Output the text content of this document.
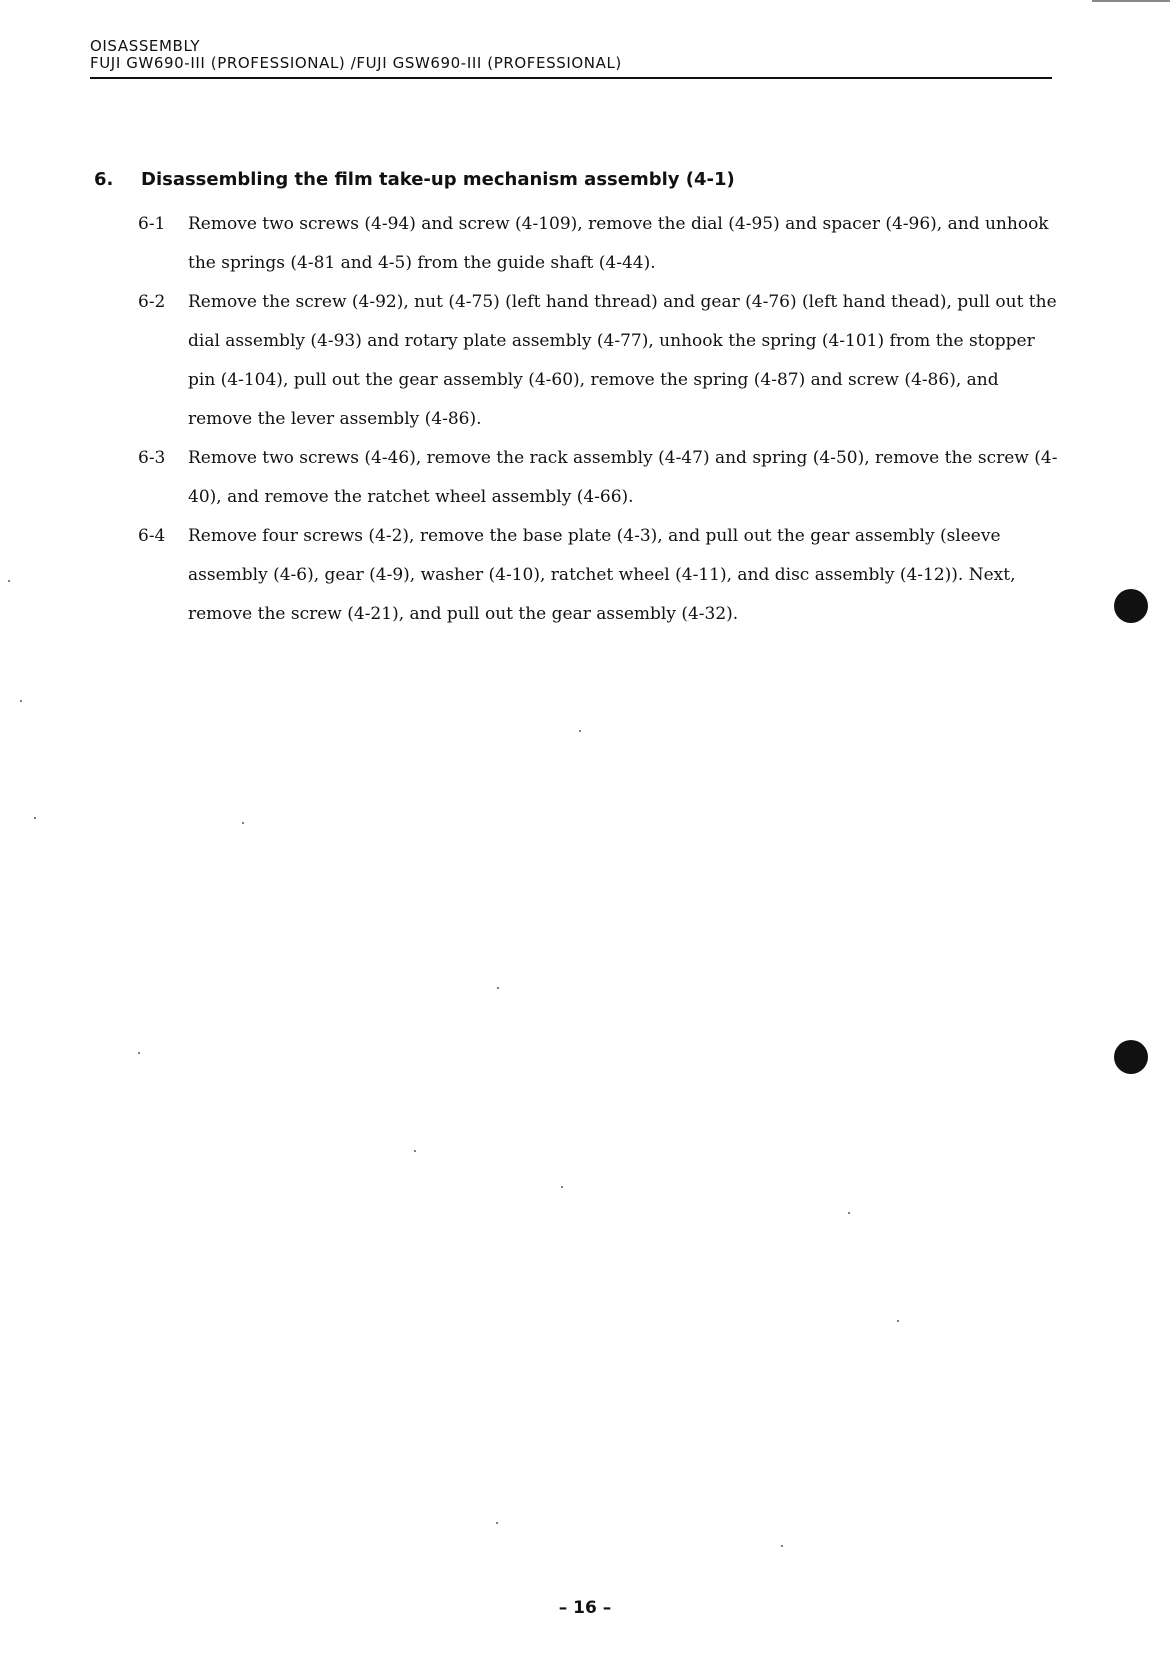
OISASSEMBLY
FUJI GW690-III (PROFESSIONAL) /FUJI GSW690-III (PROFESSIONAL)
6.	Disassembling the film take-up mechanism assembly (4-1)
6-1	Remove two screws (4-94) and screw (4-109), remove the dial (4-95) and spacer (4-96), and unhook the springs (4-81 and 4-5) from the guide shaft (4-44).
6-2	Remove the screw (4-92), nut (4-75) (left hand thread) and gear (4-76) (left hand thead), pull out the dial assembly (4-93) and rotary plate assembly (4-77), unhook the spring (4-101) from the stopper pin (4-104), pull out the gear assembly (4-60), remove the spring (4-87) and screw (4-86), and remove the lever assembly (4-86).
6-3	Remove two screws (4-46), remove the rack assembly (4-47) and spring (4-50), remove the screw (4-40), and remove the ratchet wheel assembly (4-66).
6-4	Remove four screws (4-2), remove the base plate (4-3), and pull out the gear assembly (sleeve assembly (4-6), gear (4-9), washer (4-10), ratchet wheel (4-11), and disc assembly (4-12)). Next, remove the screw (4-21), and pull out the gear assembly (4-32).
– 16 –
